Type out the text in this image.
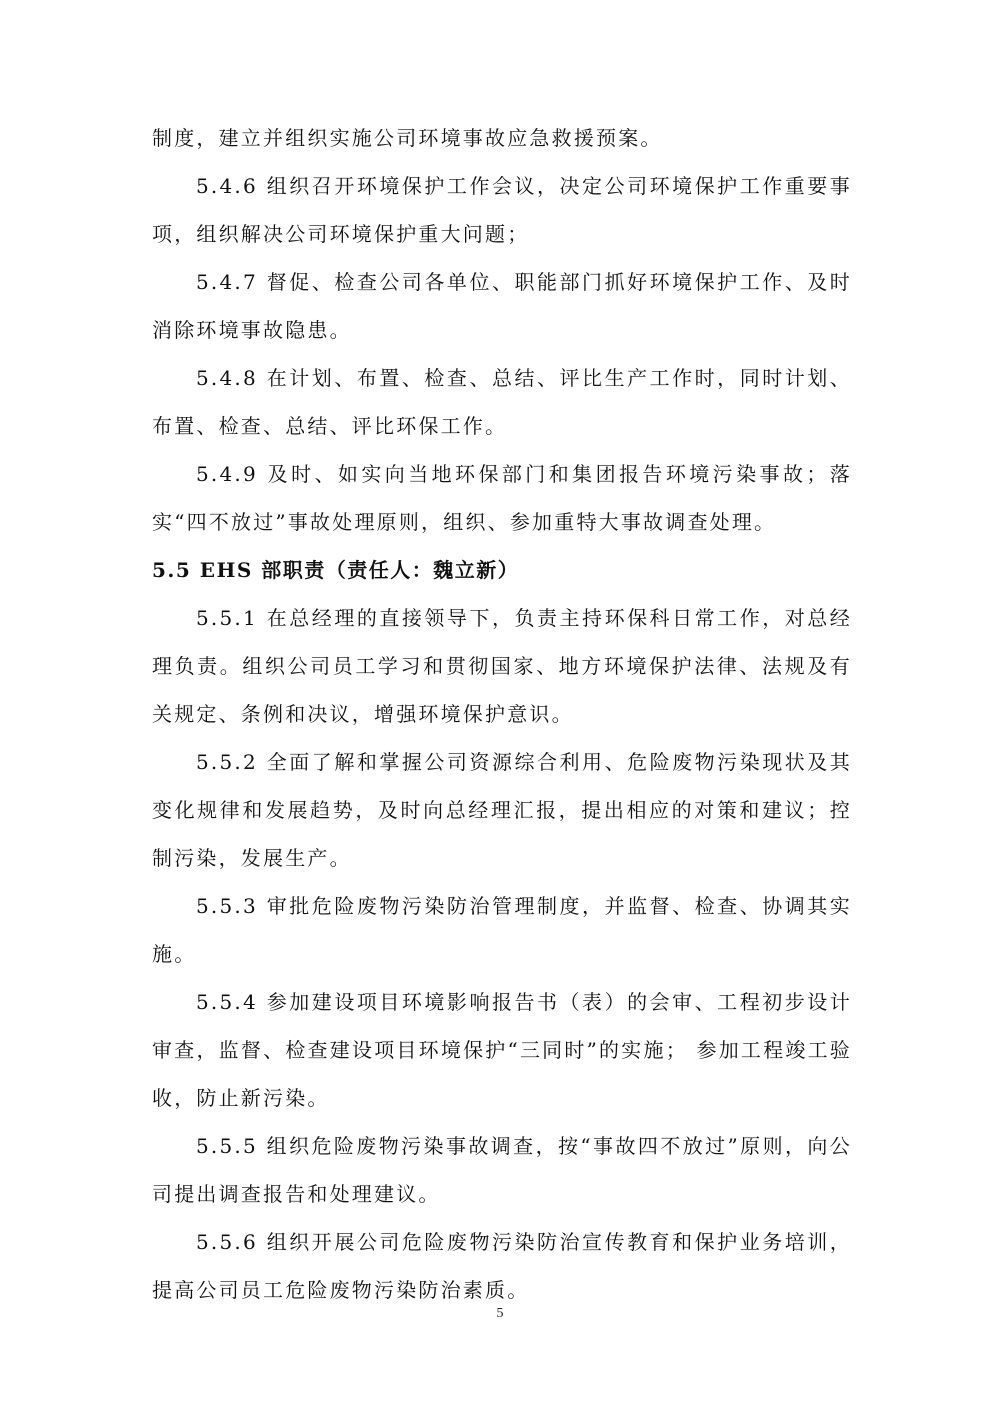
制度，建立并组织实施公司环境事故应急救援预案。

5.4.6 组织召开环境保护工作会议，决定公司环境保护工作重要事项，组织解决公司环境保护重大问题；

5.4.7 督促、检查公司各单位、职能部门抓好环境保护工作、及时消除环境事故隐患。

5.4.8 在计划、布置、检查、总结、评比生产工作时，同时计划、布置、检查、总结、评比环保工作。

5.4.9 及时、如实向当地环保部门和集团报告环境污染事故；落实“四不放过”事故处理原则，组织、参加重特大事故调查处理。

5.5 EHS 部职责（责任人：魏立新）

5.5.1 在总经理的直接领导下，负责主持环保科日常工作，对总经理负责。组织公司员工学习和贯彻国家、地方环境保护法律、法规及有关规定、条例和决议，增强环境保护意识。

5.5.2 全面了解和掌握公司资源综合利用、危险废物污染现状及其变化规律和发展趋势，及时向总经理汇报，提出相应的对策和建议；控制污染，发展生产。

5.5.3 审批危险废物污染防治管理制度，并监督、检查、协调其实施。

5.5.4 参加建设项目环境影响报告书（表）的会审、工程初步设计审查，监督、检查建设项目环境保护“三同时”的实施； 参加工程竣工验收，防止新污染。

5.5.5 组织危险废物污染事故调查，按“事故四不放过”原则，向公司提出调查报告和处理建议。

5.5.6 组织开展公司危险废物污染防治宣传教育和保护业务培训，提高公司员工危险废物污染防治素质。

5
